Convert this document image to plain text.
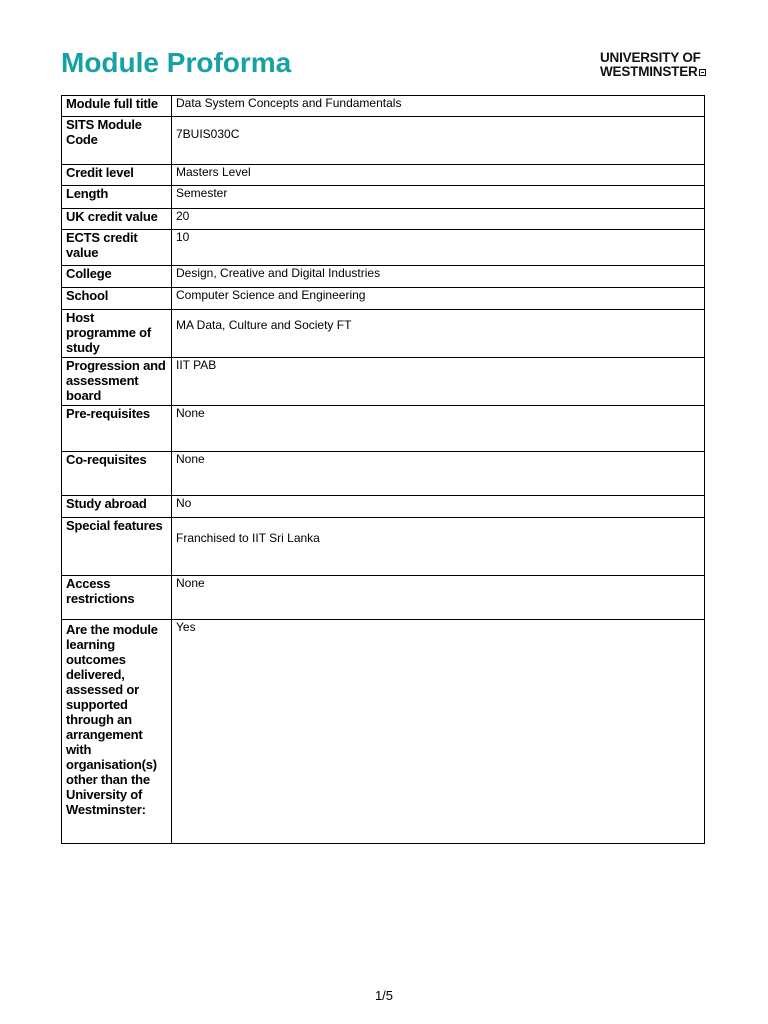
Module Proforma	UNIVERSITY OF
WESTMINSTER
Module full title	Data System Concepts and Fundamentals
SITS Module Code	7BUIS030C
Credit level	Masters Level
Length	Semester
UK credit value	20
ECTS credit value	10
College	Design, Creative and Digital Industries
School	Computer Science and Engineering
Host programme of study	MA Data, Culture and Society FT
Progression and assessment board	IIT PAB
Pre-requisites	None
Co-requisites	None
Study abroad	No
Special features	Franchised to IIT Sri Lanka
Access restrictions	None
Are the module learning outcomes delivered, assessed or supported through an arrangement with organisation(s) other than the University of Westminster:	Yes
1/5
